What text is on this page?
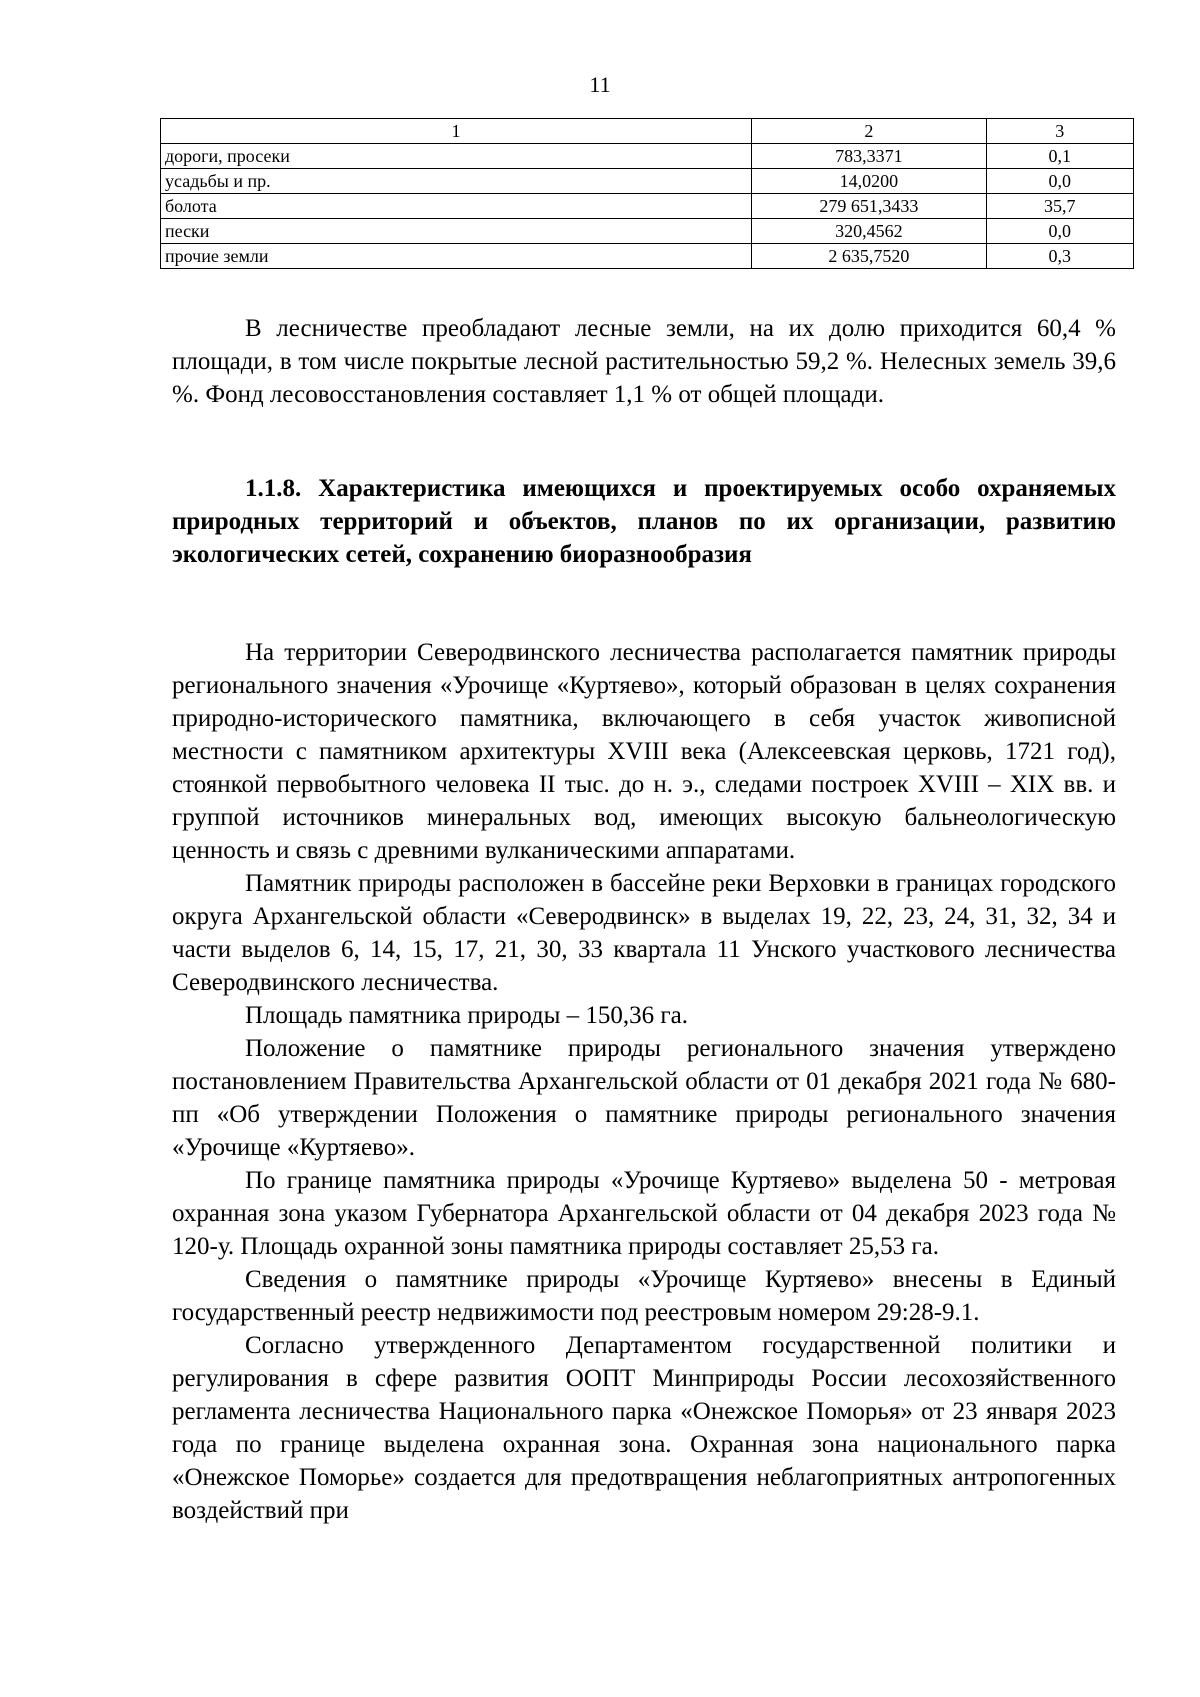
11
1	2	3
дороги, просеки	783,3371	0,1
усадьбы и пр.	14,0200	0,0
болота	279 651,3433	35,7
пески	320,4562	0,0
прочие земли	2 635,7520	0,3

В лесничестве преобладают лесные земли, на их долю приходится 60,4 % площади, в том числе покрытые лесной растительностью 59,2 %. Нелесных земель 39,6 %. Фонд лесовосстановления составляет 1,1 % от общей площади.

1.1.8. Характеристика имеющихся и проектируемых особо охраняемых природных территорий и объектов, планов по их организации, развитию экологических сетей, сохранению биоразнообразия

На территории Северодвинского лесничества располагается памятник природы регионального значения «Урочище «Куртяево», который образован в целях сохранения природно-исторического памятника, включающего в себя участок живописной местности с памятником архитектуры XVIII века (Алексеевская церковь, 1721 год), стоянкой первобытного человека II тыс. до н. э., следами построек XVIII – XIX вв. и группой источников минеральных вод, имеющих высокую бальнеологическую ценность и связь с древними вулканическими аппаратами.

Памятник природы расположен в бассейне реки Верховки в границах городского округа Архангельской области «Северодвинск» в выделах 19, 22, 23, 24, 31, 32, 34 и части выделов 6, 14, 15, 17, 21, 30, 33 квартала 11 Унского участкового лесничества Северодвинского лесничества.

Площадь памятника природы – 150,36 га.

Положение о памятнике природы регионального значения утверждено постановлением Правительства Архангельской области от 01 декабря 2021 года № 680-пп «Об утверждении Положения о памятнике природы регионального значения «Урочище «Куртяево».

По границе памятника природы «Урочище Куртяево» выделена 50 - метровая охранная зона указом Губернатора Архангельской области от 04 декабря 2023 года № 120-у. Площадь охранной зоны памятника природы составляет 25,53 га.

Сведения о памятнике природы «Урочище Куртяево» внесены в Единый государственный реестр недвижимости под реестровым номером 29:28-9.1.

Согласно утвержденного Департаментом государственной политики и регулирования в сфере развития ООПТ Минприроды России лесохозяйственного регламента лесничества Национального парка «Онежское Поморья» от 23 января 2023 года по границе выделена охранная зона. Охранная зона национального парка «Онежское Поморье» создается для предотвращения неблагоприятных антропогенных воздействий при
